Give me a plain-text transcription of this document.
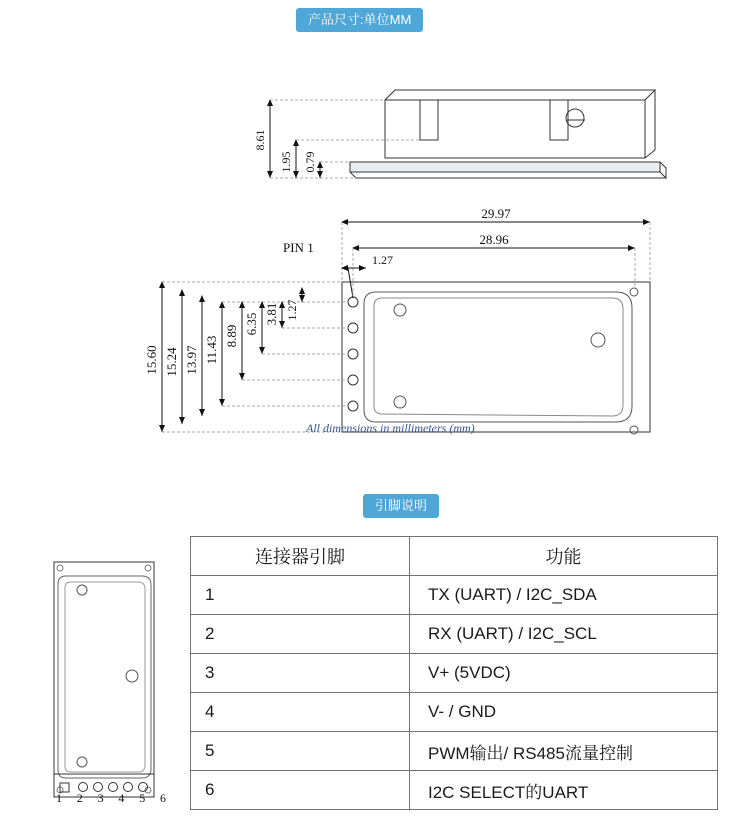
产品尺寸:单位MM
8.61
1.95 0.79
PIN 1
29.97
28.96
1.27
15.60 15.24 13.97 11.43 8.89
6.35 3.81 1.27
All dimensions in millimeters (mm)
引脚说明
1 2 3 4 5 6
连接器引脚	功能
1	TX (UART) / I2C_SDA
2	RX (UART) / I2C_SCL
3	V+ (5VDC)
4	V- / GND
5	PWM输出/ RS485流量控制
6	I2C SELECT的UART
